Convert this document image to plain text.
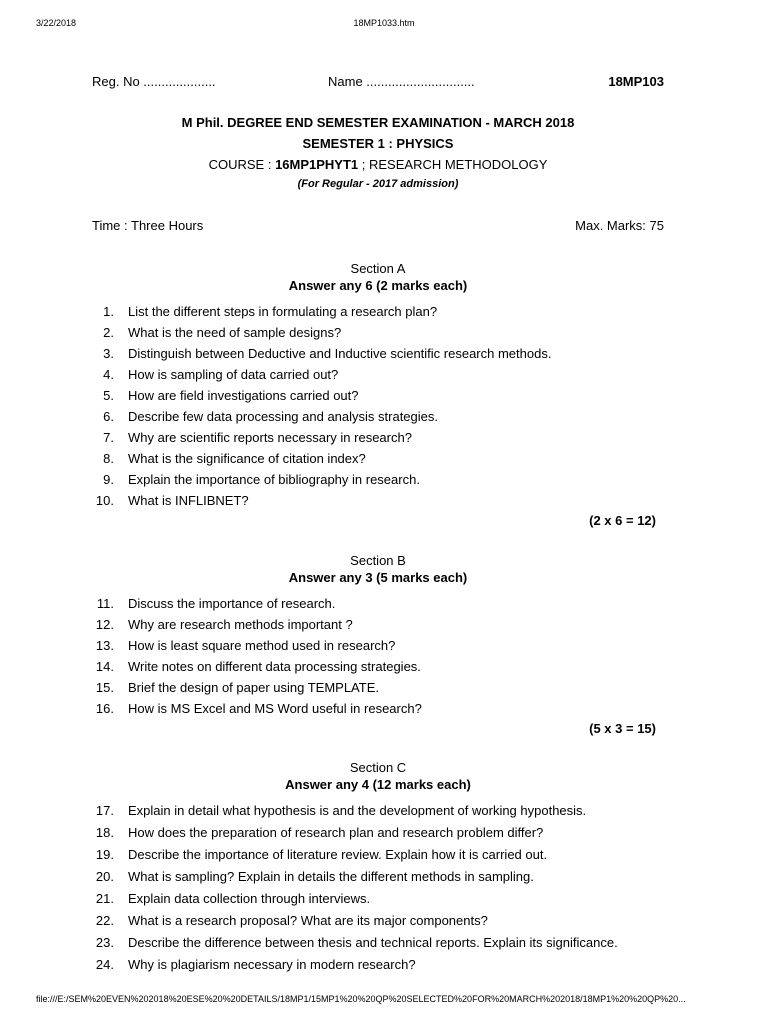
3/22/2018	18MP1033.htm
Reg. No ....................	Name ..............................	18MP103
M Phil. DEGREE END SEMESTER EXAMINATION - MARCH 2018
SEMESTER 1 : PHYSICS
COURSE : 16MP1PHYT1 ; RESEARCH METHODOLOGY
(For Regular - 2017 admission)
Time : Three Hours	Max. Marks: 75
Section A
Answer any 6 (2 marks each)
1. List the different steps in formulating a research plan?
2. What is the need of sample designs?
3. Distinguish between Deductive and Inductive scientific research methods.
4. How is sampling of data carried out?
5. How are field investigations carried out?
6. Describe few data processing and analysis strategies.
7. Why are scientific reports necessary in research?
8. What is the significance of citation index?
9. Explain the importance of bibliography in research.
10. What is INFLIBNET?
(2 x 6 = 12)
Section B
Answer any 3 (5 marks each)
11. Discuss the importance of research.
12. Why are research methods important ?
13. How is least square method used in research?
14. Write notes on different data processing strategies.
15. Brief the design of paper using TEMPLATE.
16. How is MS Excel and MS Word useful in research?
(5 x 3 = 15)
Section C
Answer any 4 (12 marks each)
17. Explain in detail what hypothesis is and the development of working hypothesis.
18. How does the preparation of research plan and research problem differ?
19. Describe the importance of literature review. Explain how it is carried out.
20. What is sampling? Explain in details the different methods in sampling.
21. Explain data collection through interviews.
22. What is a research proposal? What are its major components?
23. Describe the difference between thesis and technical reports. Explain its significance.
24. Why is plagiarism necessary in modern research?
file:///E:/SEM%20EVEN%202018%20ESE%20%20DETAILS/18MP1/15MP1%20%20QP%20SELECTED%20FOR%20MARCH%202018/18MP1%20%20QP%20...
